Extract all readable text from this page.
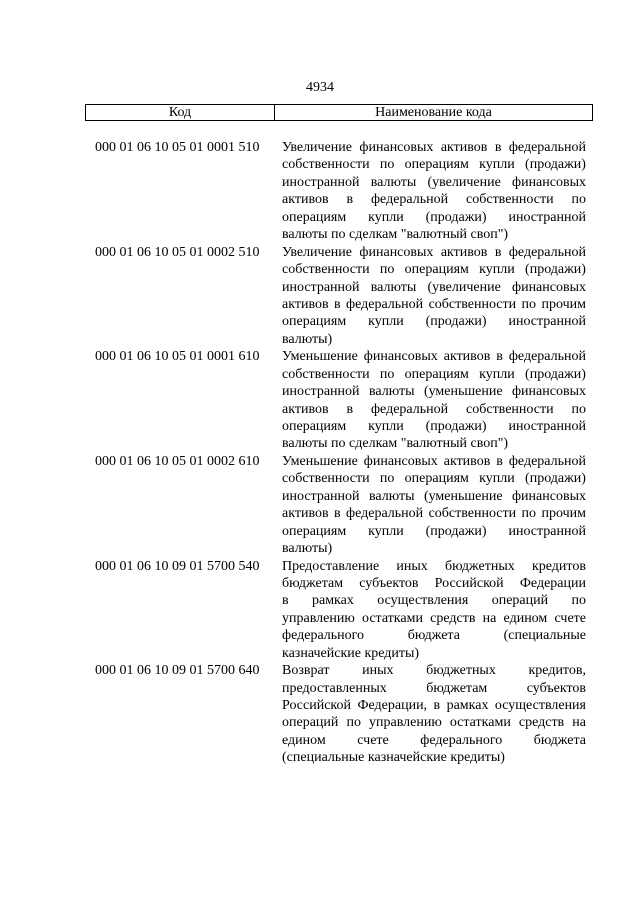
4934
Код	Наименование кода
000 01 06 10 05 01 0001 510	Увеличение финансовых активов в федеральной
собственности по операциям купли (продажи)
иностранной валюты (увеличение финансовых
активов в федеральной собственности по
операциям купли (продажи) иностранной
валюты по сделкам "валютный своп")
000 01 06 10 05 01 0002 510	Увеличение финансовых активов в федеральной
собственности по операциям купли (продажи)
иностранной валюты (увеличение финансовых
активов в федеральной собственности по прочим
операциям купли (продажи) иностранной
валюты)
000 01 06 10 05 01 0001 610	Уменьшение финансовых активов в федеральной
собственности по операциям купли (продажи)
иностранной валюты (уменьшение финансовых
активов в федеральной собственности по
операциям купли (продажи) иностранной
валюты по сделкам "валютный своп")
000 01 06 10 05 01 0002 610	Уменьшение финансовых активов в федеральной
собственности по операциям купли (продажи)
иностранной валюты (уменьшение финансовых
активов в федеральной собственности по прочим
операциям купли (продажи) иностранной
валюты)
000 01 06 10 09 01 5700 540	Предоставление иных бюджетных кредитов
бюджетам субъектов Российской Федерации
в рамках осуществления операций по
управлению остатками средств на едином счете
федерального	бюджета	(специальные
казначейские кредиты)
000 01 06 10 09 01 5700 640	Возврат иных бюджетных кредитов,
предоставленных	бюджетам	субъектов
Российской Федерации, в рамках осуществления
операций по управлению остатками средств на
едином счете федерального бюджета
(специальные казначейские кредиты)
